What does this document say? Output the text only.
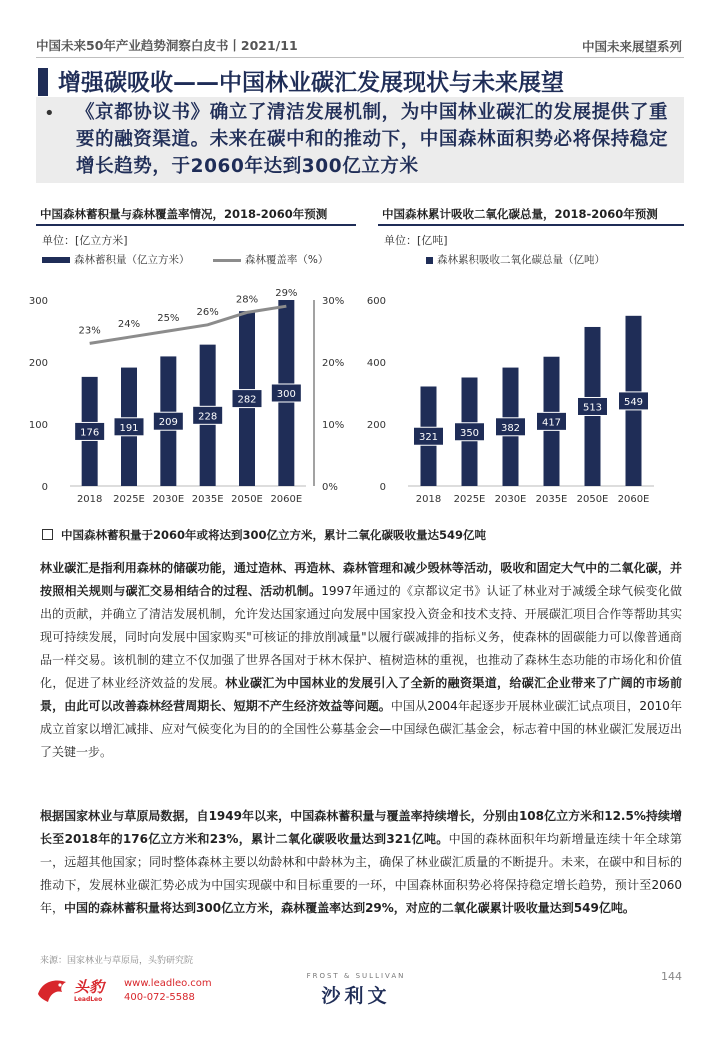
中国未来50年产业趋势洞察白皮书丨2021/11	中国未来展望系列
增强碳吸收——中国林业碳汇发展现状与未来展望
• 《京都协议书》确立了清洁发展机制，为中国林业碳汇的发展提供了重要的融资渠道。未来在碳中和的推动下，中国森林面积势必将保持稳定增长趋势，于2060年达到300亿立方米
中国森林蓄积量与森林覆盖率情况，2018-2060年预测
单位：[亿立方米]
森林蓄积量（亿立方米）	森林覆盖率（%）
0
100
200
300
0%
10%
20%
30%
176
2018
191
2025E
209
2030E
228
2035E
282
2050E
300
2060E
23%
24%
25%
26%
28%
29%
中国森林累计吸收二氧化碳总量，2018-2060年预测
单位：[亿吨]
森林累积吸收二氧化碳总量（亿吨）
0
200
400
600
321
2018
350
2025E
382
2030E
417
2035E
513
2050E
549
2060E
中国森林蓄积量于2060年或将达到300亿立方米，累计二氧化碳吸收量达549亿吨

林业碳汇是指利用森林的储碳功能，通过造林、再造林、森林管理和减少毁林等活动，吸收和固定大气中的二氧化碳，并按照相关规则与碳汇交易相结合的过程、活动机制。1997年通过的《京都议定书》认证了林业对于减缓全球气候变化做出的贡献，并确立了清洁发展机制，允许发达国家通过向发展中国家投入资金和技术支持、开展碳汇项目合作等帮助其实现可持续发展，同时向发展中国家购买"可核证的排放削减量"以履行碳减排的指标义务，使森林的固碳能力可以像普通商品一样交易。该机制的建立不仅加强了世界各国对于林木保护、植树造林的重视，也推动了森林生态功能的市场化和价值化，促进了林业经济效益的发展。林业碳汇为中国林业的发展引入了全新的融资渠道，给碳汇企业带来了广阔的市场前景，由此可以改善森林经营周期长、短期不产生经济效益等问题。中国从2004年起逐步开展林业碳汇试点项目，2010年成立首家以增汇减排、应对气候变化为目的的全国性公募基金会—中国绿色碳汇基金会，标志着中国的林业碳汇发展迈出了关键一步。

根据国家林业与草原局数据，自1949年以来，中国森林蓄积量与覆盖率持续增长，分别由108亿立方米和12.5%持续增长至2018年的176亿立方米和23%，累计二氧化碳吸收量达到321亿吨。中国的森林面积年均新增量连续十年全球第一，远超其他国家；同时整体森林主要以幼龄林和中龄林为主，确保了林业碳汇质量的不断提升。未来，在碳中和目标的推动下，发展林业碳汇势必成为中国实现碳中和目标重要的一环，中国森林面积势必将保持稳定增长趋势，预计至2060年，中国的森林蓄积量将达到300亿立方米，森林覆盖率达到29%，对应的二氧化碳累计吸收量达到549亿吨。

来源：国家林业与草原局，头豹研究院
144
头豹
LeadLeo
www.leadleo.com
400-072-5588
FROST & SULLIVAN
沙利文
